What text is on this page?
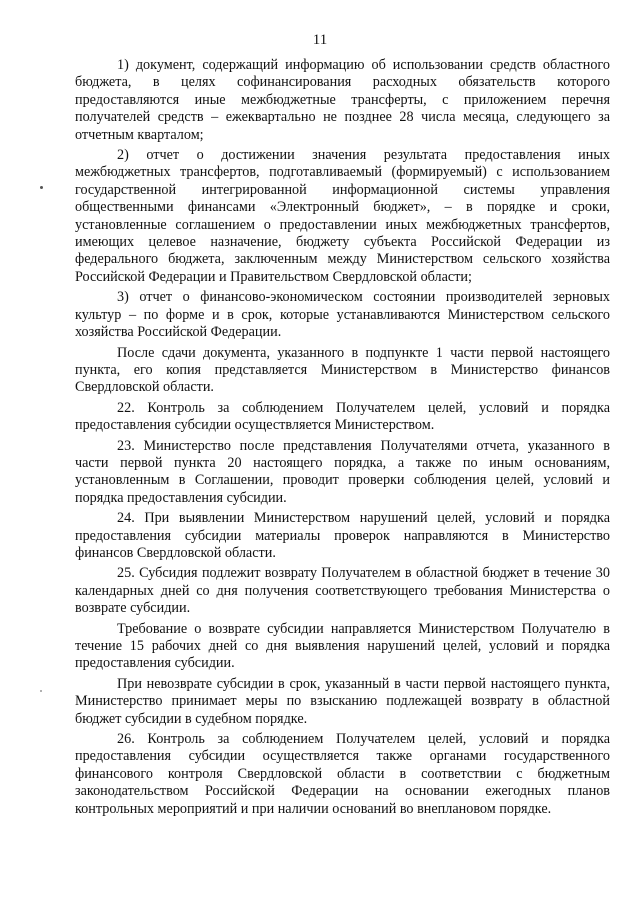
11

1) документ, содержащий информацию об использовании средств областного бюджета, в целях софинансирования расходных обязательств которого предоставляются иные межбюджетные трансферты, с приложением перечня получателей средств – ежеквартально не позднее 28 числа месяца, следующего за отчетным кварталом;

2) отчет о достижении значения результата предоставления иных межбюджетных трансфертов, подготавливаемый (формируемый) с использованием государственной интегрированной информационной системы управления общественными финансами «Электронный бюджет», – в порядке и сроки, установленные соглашением о предоставлении иных межбюджетных трансфертов, имеющих целевое назначение, бюджету субъекта Российской Федерации из федерального бюджета, заключенным между Министерством сельского хозяйства Российской Федерации и Правительством Свердловской области;

3) отчет о финансово-экономическом состоянии производителей зерновых культур – по форме и в срок, которые устанавливаются Министерством сельского хозяйства Российской Федерации.

После сдачи документа, указанного в подпункте 1 части первой настоящего пункта, его копия представляется Министерством в Министерство финансов Свердловской области.

22. Контроль за соблюдением Получателем целей, условий и порядка предоставления субсидии осуществляется Министерством.

23. Министерство после представления Получателями отчета, указанного в части первой пункта 20 настоящего порядка, а также по иным основаниям, установленным в Соглашении, проводит проверки соблюдения целей, условий и порядка предоставления субсидии.

24. При выявлении Министерством нарушений целей, условий и порядка предоставления субсидии материалы проверок направляются в Министерство финансов Свердловской области.

25. Субсидия подлежит возврату Получателем в областной бюджет в течение 30 календарных дней со дня получения соответствующего требования Министерства о возврате субсидии.

Требование о возврате субсидии направляется Министерством Получателю в течение 15 рабочих дней со дня выявления нарушений целей, условий и порядка предоставления субсидии.

При невозврате субсидии в срок, указанный в части первой настоящего пункта, Министерство принимает меры по взысканию подлежащей возврату в областной бюджет субсидии в судебном порядке.

26. Контроль за соблюдением Получателем целей, условий и порядка предоставления субсидии осуществляется также органами государственного финансового контроля Свердловской области в соответствии с бюджетным законодательством Российской Федерации на основании ежегодных планов контрольных мероприятий и при наличии оснований во внеплановом порядке.
